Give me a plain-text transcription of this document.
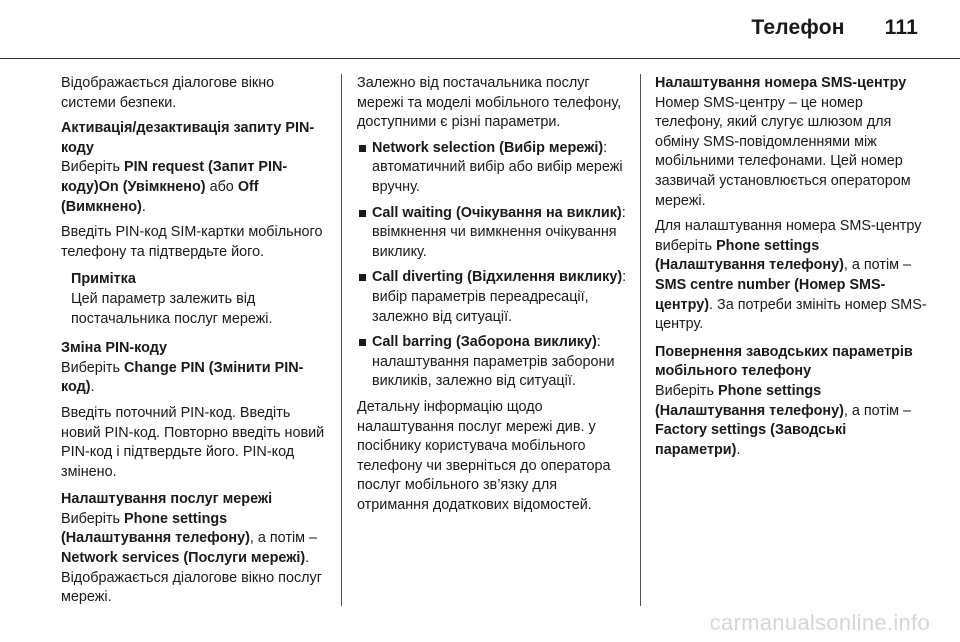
Телефон 111

Відображається діалогове вікно системи безпеки.

Активація/дезактивація запиту PIN-коду

Виберіть PIN request (Запит PIN-коду)On (Увімкнено) або Off (Вимкнено).

Введіть PIN-код SIM-картки мобільного телефону та підтвердьте його.

Примітка
Цей параметр залежить від постачальника послуг мережі.
Зміна PIN-коду

Виберіть Change PIN (Змінити PIN-код).

Введіть поточний PIN-код. Введіть новий PIN-код. Повторно введіть новий PIN-код і підтвердьте його. PIN-код змінено.

Налаштування послуг мережі

Виберіть Phone settings (Налаштування телефону), а потім – Network services (Послуги мережі). Відображається діалогове вікно послуг мережі.

Залежно від постачальника послуг мережі та моделі мобільного телефону, доступними є різні параметри.

Network selection (Вибір мережі): автоматичний вибір або вибір мережі вручну.
Call waiting (Очікування на виклик): ввімкнення чи вимкнення очікування виклику.
Call diverting (Відхилення виклику): вибір параметрів переадресації, залежно від ситуації.
Call barring (Заборона виклику): налаштування параметрів заборони викликів, залежно від ситуації.

Детальну інформацію щодо налаштування послуг мережі див. у посібнику користувача мобільного телефону чи зверніться до оператора послуг мобільного зв’язку для отримання додаткових відомостей.

Налаштування номера SMS-центру

Номер SMS-центру – це номер телефону, який слугує шлюзом для обміну SMS-повідомленнями між мобільними телефонами. Цей номер зазвичай установлюється оператором мережі.

Для налаштування номера SMS-центру виберіть Phone settings (Налаштування телефону), а потім – SMS centre number (Номер SMS-центру). За потреби змініть номер SMS-центру.

Повернення заводських параметрів мобільного телефону

Виберіть Phone settings (Налаштування телефону), а потім – Factory settings (Заводські параметри).

carmanualsonline.info
